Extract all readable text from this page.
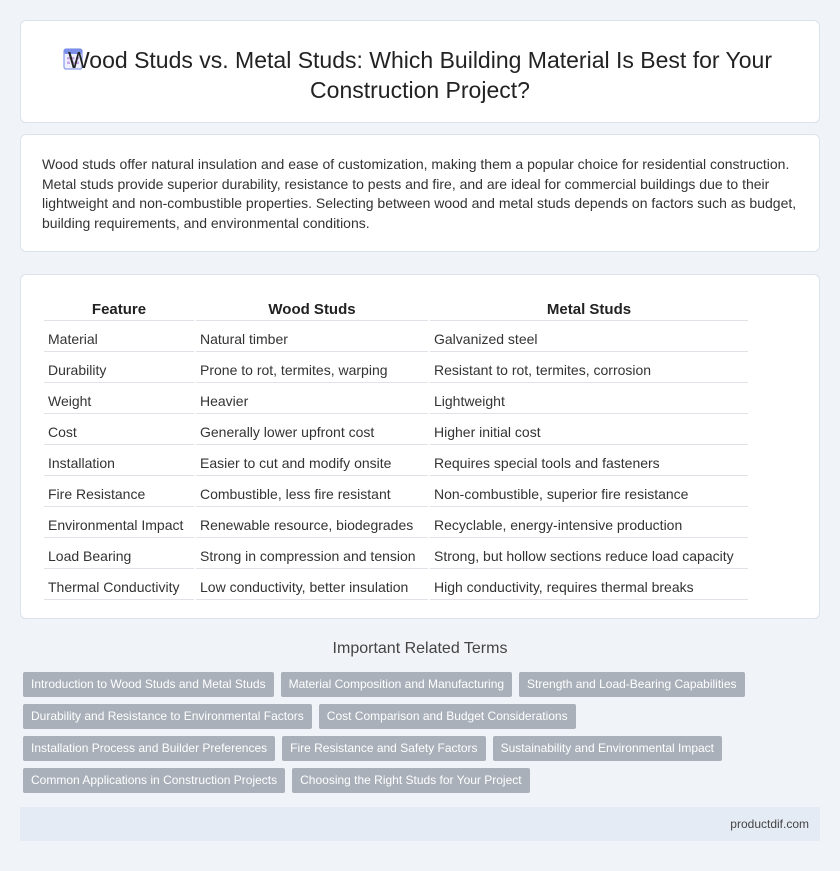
Wood Studs vs. Metal Studs: Which Building Material Is Best for Your Construction Project?

Wood studs offer natural insulation and ease of customization, making them a popular choice for residential construction. Metal studs provide superior durability, resistance to pests and fire, and are ideal for commercial buildings due to their lightweight and non-combustible properties. Selecting between wood and metal studs depends on factors such as budget, building requirements, and environmental conditions.

Feature	Wood Studs	Metal Studs
Material	Natural timber	Galvanized steel
Durability	Prone to rot, termites, warping	Resistant to rot, termites, corrosion
Weight	Heavier	Lightweight
Cost	Generally lower upfront cost	Higher initial cost
Installation	Easier to cut and modify onsite	Requires special tools and fasteners
Fire Resistance	Combustible, less fire resistant	Non-combustible, superior fire resistance
Environmental Impact	Renewable resource, biodegrades	Recyclable, energy-intensive production
Load Bearing	Strong in compression and tension	Strong, but hollow sections reduce load capacity
Thermal Conductivity	Low conductivity, better insulation	High conductivity, requires thermal breaks
Important Related Terms
Introduction to Wood Studs and Metal Studs	Material Composition and Manufacturing	Strength and Load-Bearing Capabilities
Durability and Resistance to Environmental Factors	Cost Comparison and Budget Considerations
Installation Process and Builder Preferences	Fire Resistance and Safety Factors	Sustainability and Environmental Impact
Common Applications in Construction Projects	Choosing the Right Studs for Your Project
productdif.com
